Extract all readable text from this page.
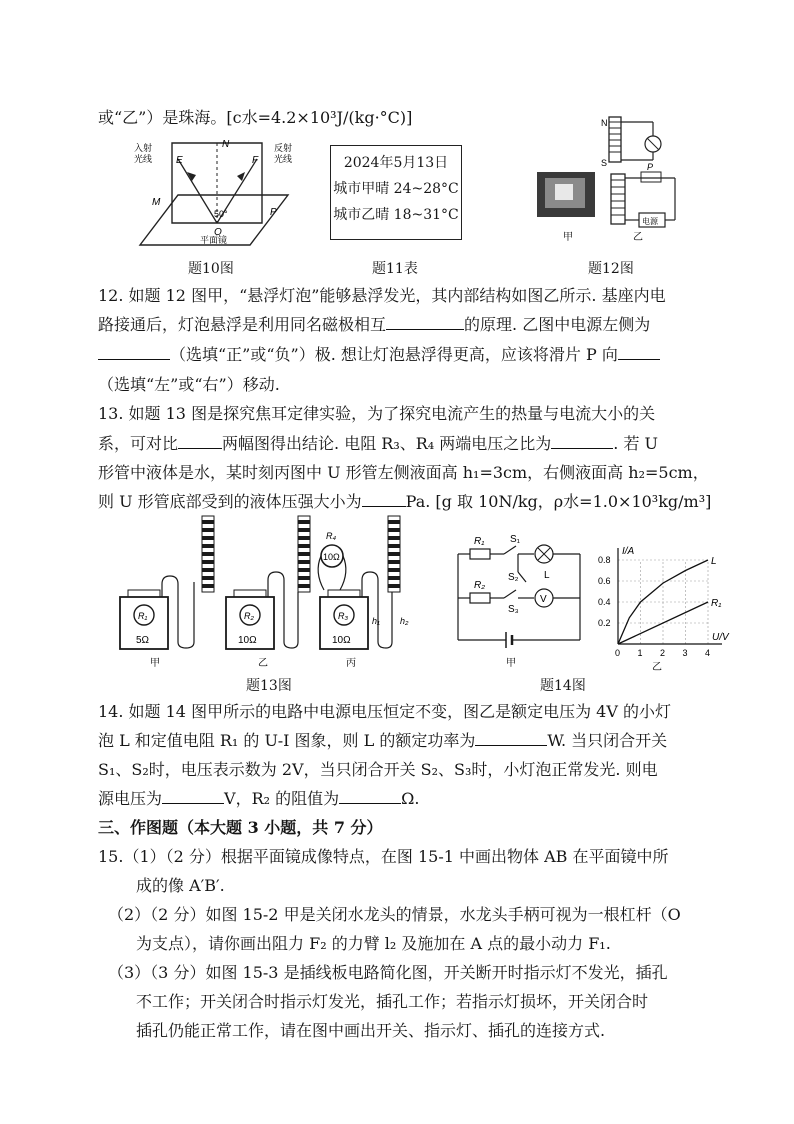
或“乙”）是珠海。[c水=4.2×10³J/(kg·°C)]
N
E	F
M
50°
O
P
平面镜
入射
光线
反射
光线
题10图
2024年5月13日
城市甲晴 24~28°C
城市乙晴 18~31°C
题11表
N
S	P
电源
甲	乙
题12图
12. 如题 12 图甲，“悬浮灯泡”能够悬浮发光，其内部结构如图乙所示. 基座内电
路接通后，灯泡悬浮是利用同名磁极相互	的原理. 乙图中电源左侧为
（选填“正”或“负”）极. 想让灯泡悬浮得更高，应该将滑片 P 向
（选填“左”或“右”）移动.
13. 如题 13 图是探究焦耳定律实验，为了探究电流产生的热量与电流大小的关
系，可对比	两幅图得出结论. 电阻 R₃、R₄ 两端电压之比为	. 若 U
形管中液体是水，某时刻丙图中 U 形管左侧液面高 h₁=3cm，右侧液面高 h₂=5cm，
则 U 形管底部受到的液体压强大小为	Pa. [g 取 10N/kg，ρ水=1.0×10³kg/m³]
R₁
5Ω
R₂
10Ω
R₃
10Ω
10Ω
R₄
h₁ h₂
甲	乙	丙
题13图
R₁	S₁
L
V
R₂
S₂
S₃
甲
U/V
I/A
0 1 2 3 4
0.2
0.4
0.6
0.8	L
R₁
乙
题14图
14. 如题 14 图甲所示的电路中电源电压恒定不变，图乙是额定电压为 4V 的小灯
泡 L 和定值电阻 R₁ 的 U-I 图象，则 L 的额定功率为	W. 当只闭合开关
S₁、S₂时，电压表示数为 2V，当只闭合开关 S₂、S₃时，小灯泡正常发光. 则电
源电压为	V，R₂ 的阻值为	Ω.
三、作图题（本大题 3 小题，共 7 分）
15.（1）（2 分）根据平面镜成像特点，在图 15-1 中画出物体 AB 在平面镜中所
成的像 A′B′.
（2）（2 分）如图 15-2 甲是关闭水龙头的情景，水龙头手柄可视为一根杠杆（O
为支点），请你画出阻力 F₂ 的力臂 l₂ 及施加在 A 点的最小动力 F₁.
（3）（3 分）如图 15-3 是插线板电路简化图，开关断开时指示灯不发光，插孔
不工作；开关闭合时指示灯发光，插孔工作；若指示灯损坏，开关闭合时
插孔仍能正常工作，请在图中画出开关、指示灯、插孔的连接方式.
